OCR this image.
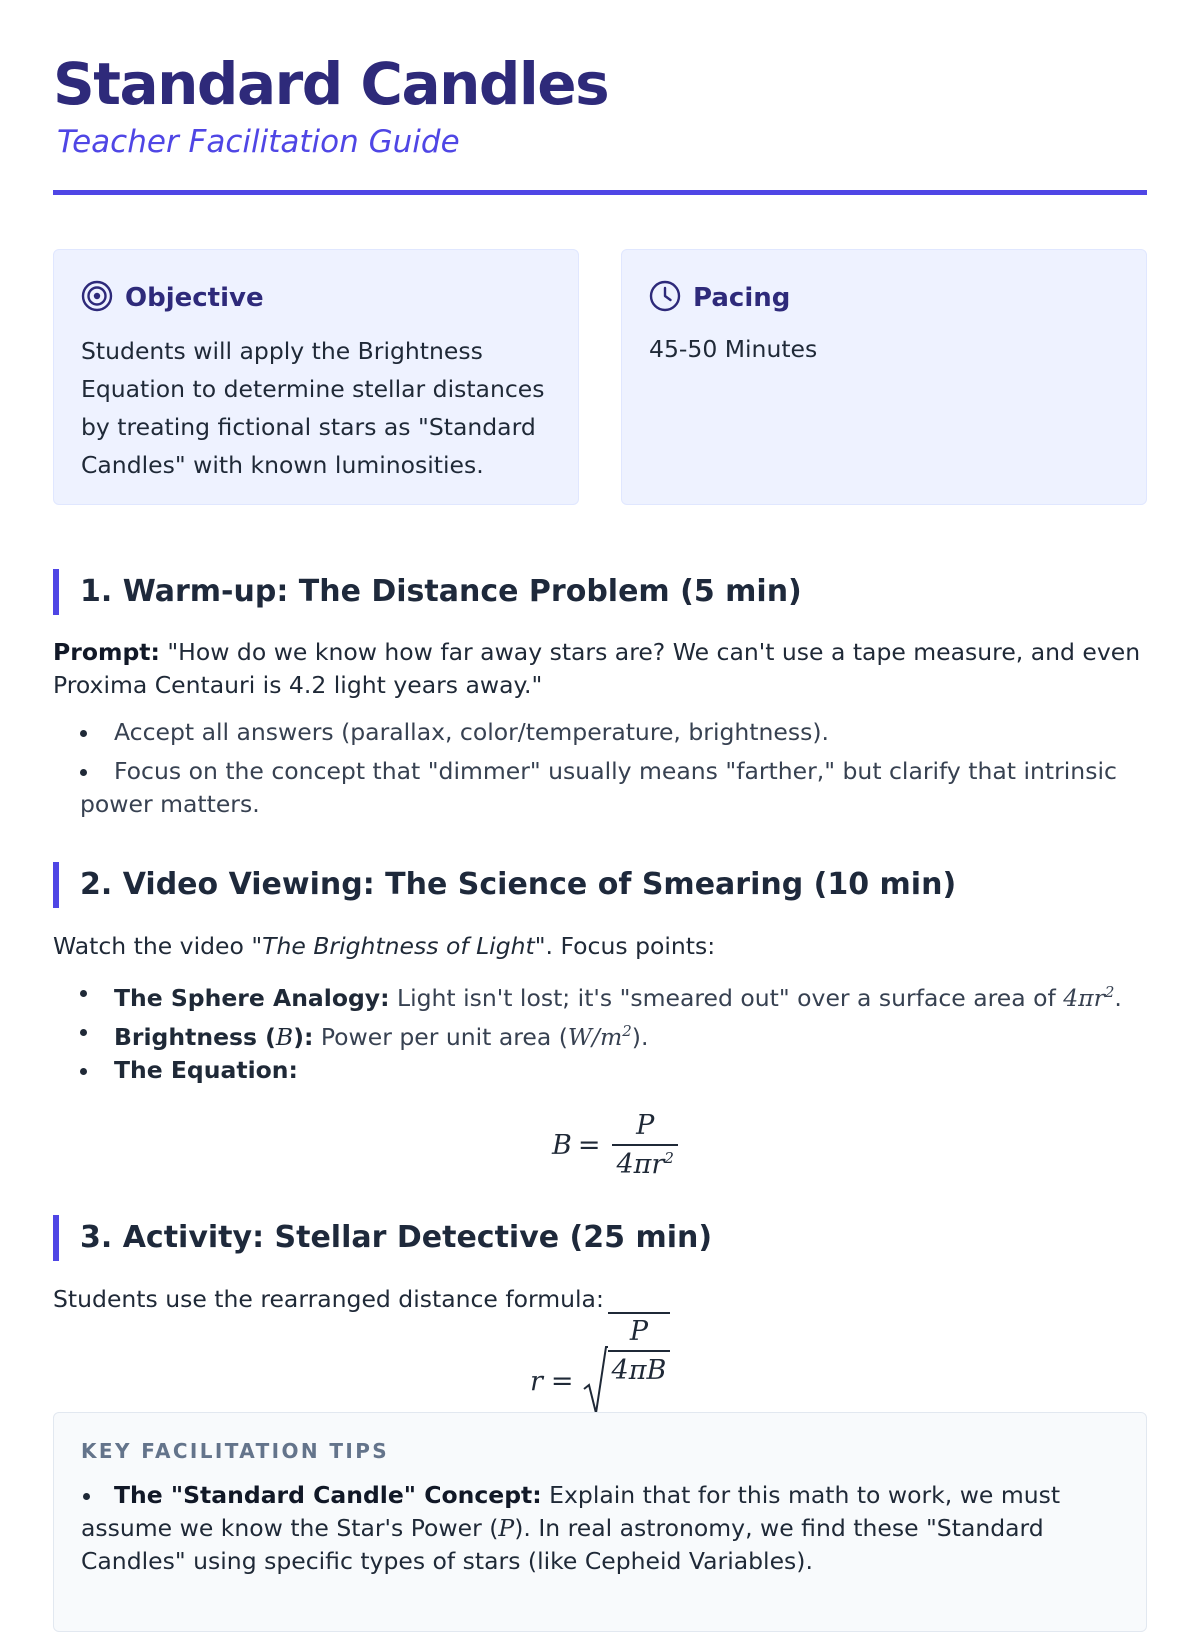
Standard Candles
Teacher Facilitation Guide
Objective
Students will apply the Brightness Equation to determine stellar distances by treating fictional stars as "Standard Candles" with known luminosities.
Pacing
45-50 Minutes
1. Warm-up: The Distance Problem (5 min)
Prompt: "How do we know how far away stars are? We can't use a tape measure, and even Proxima Centauri is 4.2 light years away."
Accept all answers (parallax, color/temperature, brightness).
Focus on the concept that "dimmer" usually means "farther," but clarify that intrinsic power matters.
2. Video Viewing: The Science of Smearing (10 min)
Watch the video "The Brightness of Light". Focus points:
The Sphere Analogy: Light isn't lost; it's "smeared out" over a surface area of $4\pi r^2$.
Brightness (B): Power per unit area $(W/m^2)$.
The Equation:
$B = \frac{P}{4\pi r^2}$
3. Activity: Stellar Detective (25 min)
Students use the rearranged distance formula:
$r = \frac{P}{4\pi B}$
KEY FACILITATION TIPS
The "Standard Candle" Concept: Explain that for this math to work, we must assume we know the Star's Power (P). In real astronomy, we find these "Standard Candles" using specific types of stars (like Cepheid Variables).
